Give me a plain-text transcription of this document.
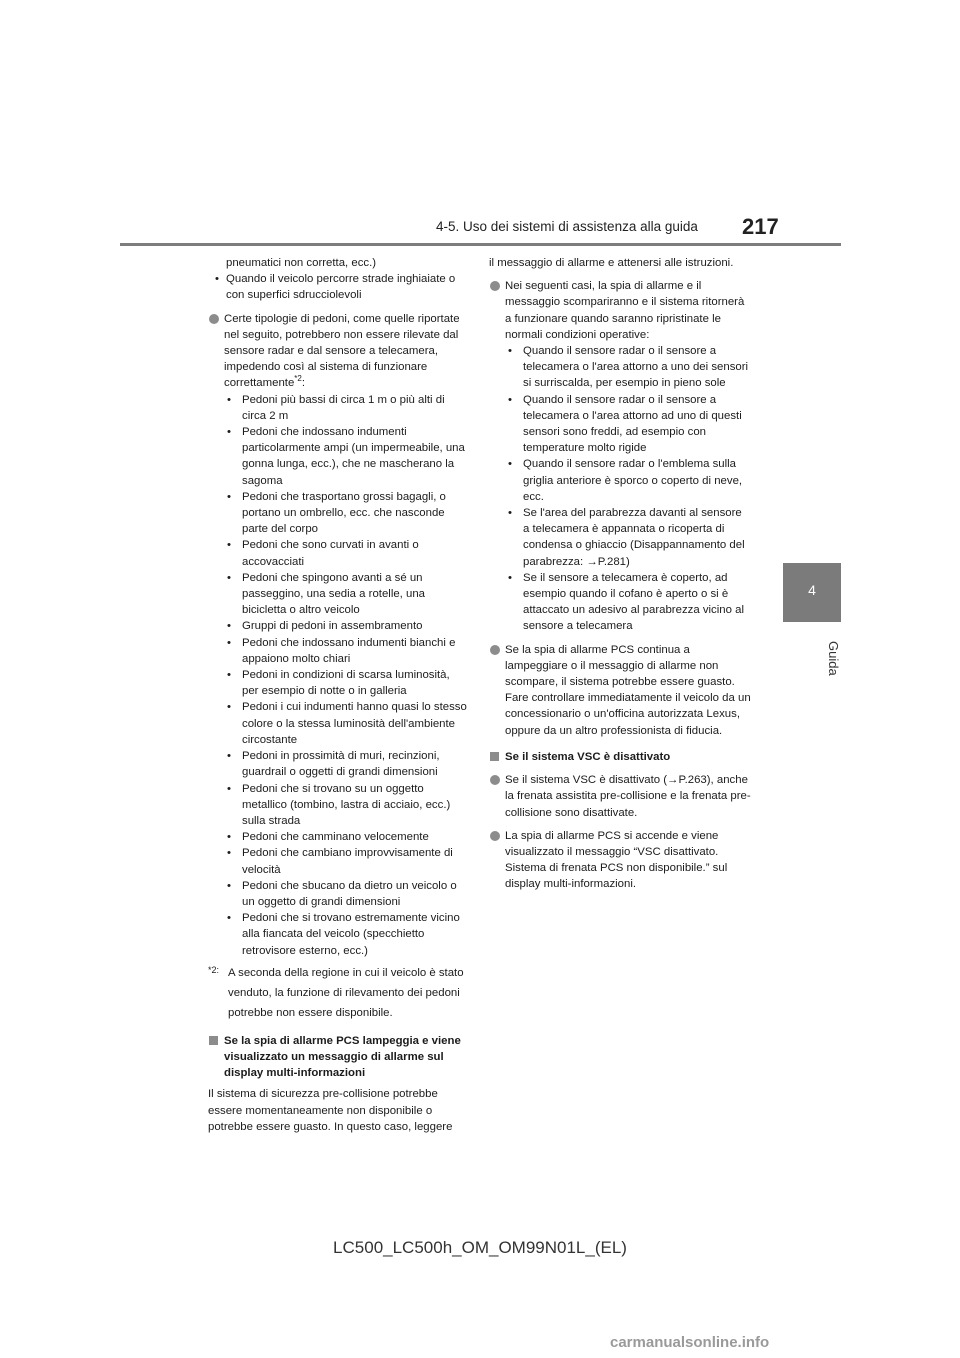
4-5. Uso dei sistemi di assistenza alla guida 217
4
Guida
pneumatici non corretta, ecc.)
• Quando il veicolo percorre strade inghiaiate o con superfici sdrucciolevoli
Certe tipologie di pedoni, come quelle riportate nel seguito, potrebbero non essere rilevate dal sensore radar e dal sensore a telecamera, impedendo così al sistema di funzionare correttamente$^{*2}$:
• Pedoni più bassi di circa 1 m o più alti di circa 2 m
• Pedoni che indossano indumenti particolarmente ampi (un impermeabile, una gonna lunga, ecc.), che ne mascherano la sagoma
• Pedoni che trasportano grossi bagagli, o portano un ombrello, ecc. che nasconde parte del corpo
• Pedoni che sono curvati in avanti o accovacciati
• Pedoni che spingono avanti a sé un passeggino, una sedia a rotelle, una bicicletta o altro veicolo
• Gruppi di pedoni in assembramento
• Pedoni che indossano indumenti bianchi e appaiono molto chiari
• Pedoni in condizioni di scarsa luminosità, per esempio di notte o in galleria
• Pedoni i cui indumenti hanno quasi lo stesso colore o la stessa luminosità dell'ambiente circostante
• Pedoni in prossimità di muri, recinzioni, guardrail o oggetti di grandi dimensioni
• Pedoni che si trovano su un oggetto metallico (tombino, lastra di acciaio, ecc.) sulla strada
• Pedoni che camminano velocemente
• Pedoni che cambiano improvvisamente di velocità
• Pedoni che sbucano da dietro un veicolo o un oggetto di grandi dimensioni
• Pedoni che si trovano estremamente vicino alla fiancata del veicolo (specchietto retrovisore esterno, ecc.)
*2: A seconda della regione in cui il veicolo è stato venduto, la funzione di rilevamento dei pedoni potrebbe non essere disponibile.
Se la spia di allarme PCS lampeggia e viene visualizzato un messaggio di allarme sul display multi-informazioni
Il sistema di sicurezza pre-collisione potrebbe essere momentaneamente non disponibile o potrebbe essere guasto. In questo caso, leggere
il messaggio di allarme e attenersi alle istruzioni.
Nei seguenti casi, la spia di allarme e il messaggio scompariranno e il sistema ritornerà a funzionare quando saranno ripristinate le normali condizioni operative:
• Quando il sensore radar o il sensore a telecamera o l'area attorno a uno dei sensori si surriscalda, per esempio in pieno sole
• Quando il sensore radar o il sensore a telecamera o l'area attorno ad uno di questi sensori sono freddi, ad esempio con temperature molto rigide
• Quando il sensore radar o l'emblema sulla griglia anteriore è sporco o coperto di neve, ecc.
• Se l'area del parabrezza davanti al sensore a telecamera è appannata o ricoperta di condensa o ghiaccio (Disappannamento del parabrezza: →P.281)
• Se il sensore a telecamera è coperto, ad esempio quando il cofano è aperto o si è attaccato un adesivo al parabrezza vicino al sensore a telecamera
Se la spia di allarme PCS continua a lampeggiare o il messaggio di allarme non scompare, il sistema potrebbe essere guasto. Fare controllare immediatamente il veicolo da un concessionario o un'officina autorizzata Lexus, oppure da un altro professionista di fiducia.
Se il sistema VSC è disattivato
Se il sistema VSC è disattivato (→P.263), anche la frenata assistita pre-collisione e la frenata pre-collisione sono disattivate.
La spia di allarme PCS si accende e viene visualizzato il messaggio “VSC disattivato. Sistema di frenata PCS non disponibile.” sul display multi-informazioni.
LC500_LC500h_OM_OM99N01L_(EL)
carmanualsonline.info
